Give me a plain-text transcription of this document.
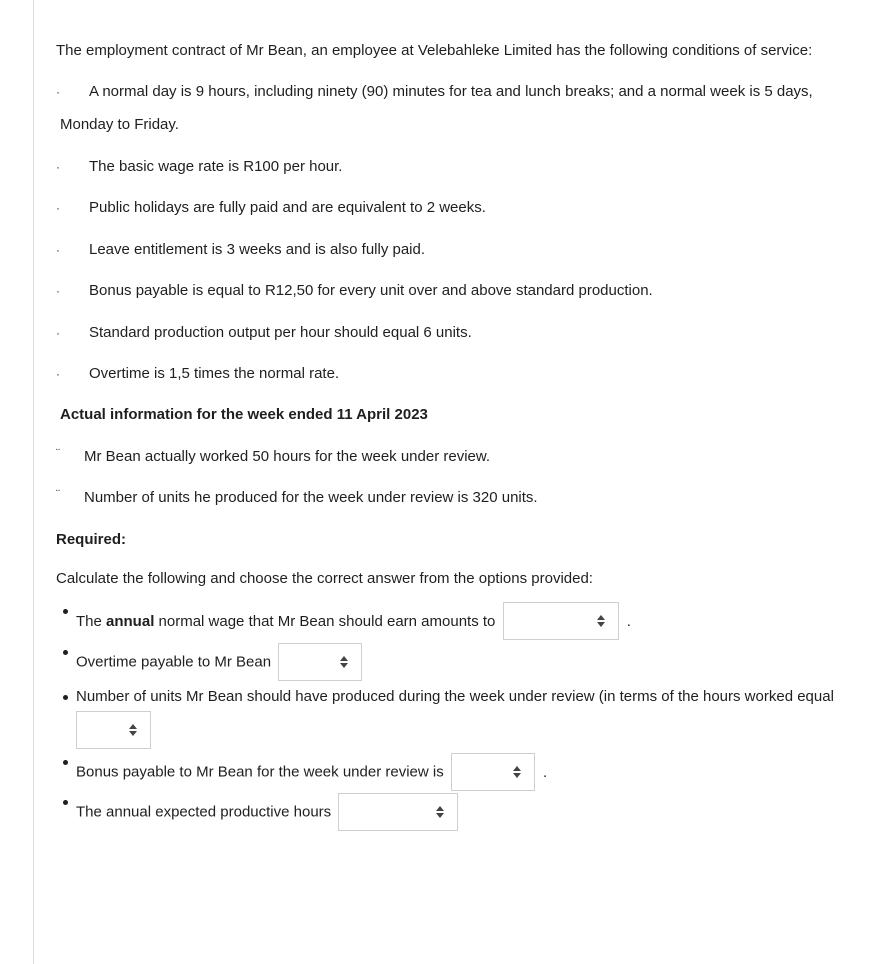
The employment contract of Mr Bean, an employee at Velebahleke Limited has the following conditions of service:
· A normal day is 9 hours, including ninety (90) minutes for tea and lunch breaks; and a normal week is 5 days,
Monday to Friday.
· The basic wage rate is R100 per hour.
· Public holidays are fully paid and are equivalent to 2 weeks.
· Leave entitlement is 3 weeks and is also fully paid.
· Bonus payable is equal to R12,50 for every unit over and above standard production.
· Standard production output per hour should equal 6 units.
· Overtime is 1,5 times the normal rate.
Actual information for the week ended 11 April 2023
¨ Mr Bean actually worked 50 hours for the week under review.
¨ Number of units he produced for the week under review is 320 units.
Required:
Calculate the following and choose the correct answer from the options provided:
The annual normal wage that Mr Bean should earn amounts to	.
Overtime payable to Mr Bean
Number of units Mr Bean should have produced during the week under review (in terms of the hours worked equal
Bonus payable to Mr Bean for the week under review is	.
The annual expected productive hours
